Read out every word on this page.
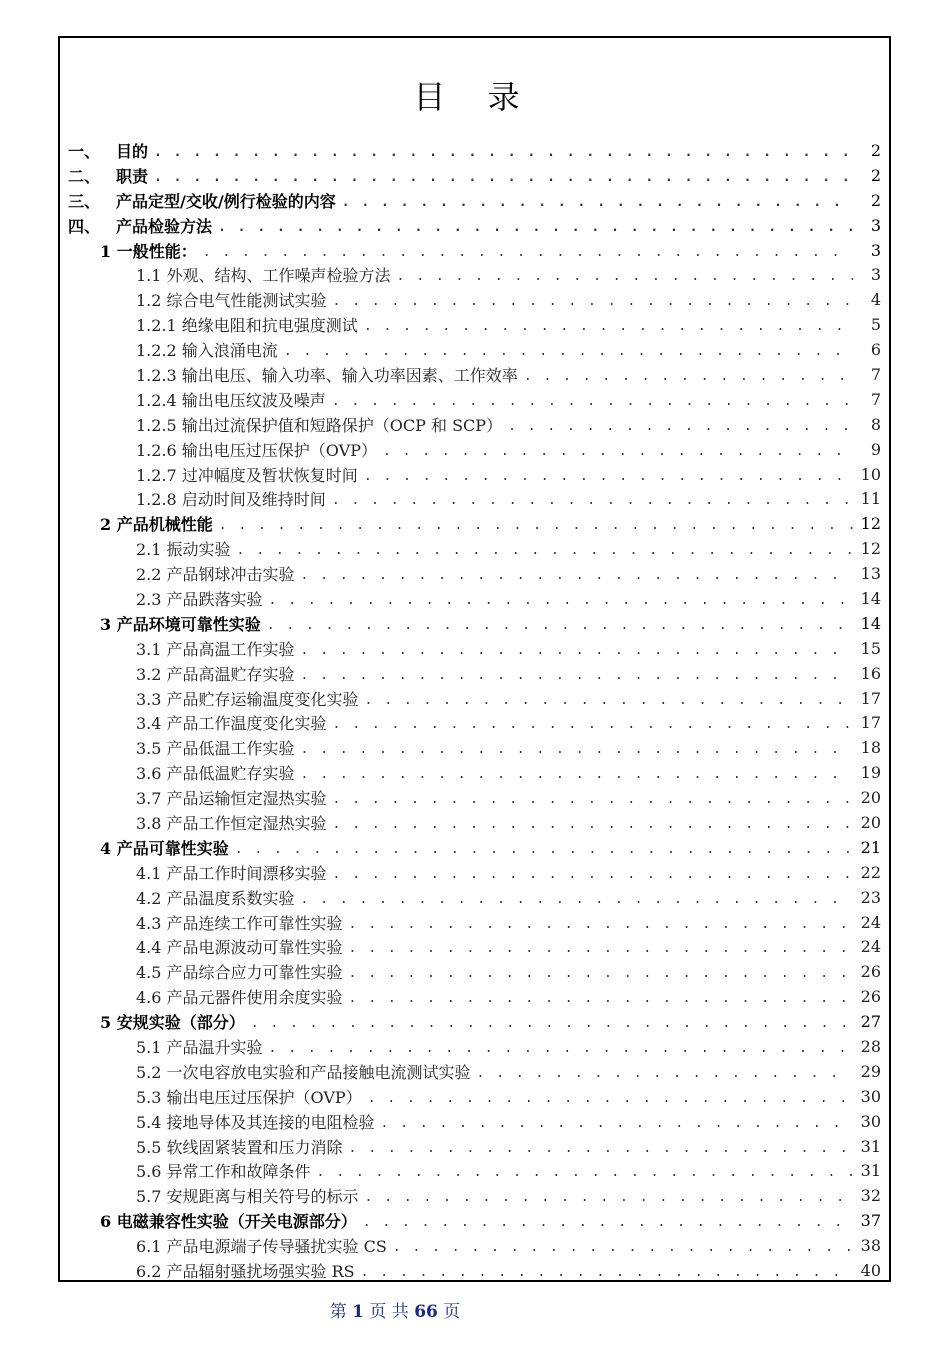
目 录
一、 目的 . . .	2
二、 职责 . . .	2
三、 产品定型/交收/例行检验的内容 . . .	2
四、 产品检验方法 . . .	3
1 一般性能： . . .	3
1.1 外观、结构、工作噪声检验方法 . . .	3
1.2 综合电气性能测试实验 . . .	4
1.2.1 绝缘电阻和抗电强度测试 . . .	5
1.2.2 输入浪涌电流 . . .	6
1.2.3 输出电压、输入功率、输入功率因素、工作效率 . . .	7
1.2.4 输出电压纹波及噪声 . . .	7
1.2.5 输出过流保护值和短路保护（OCP 和 SCP） . . .	8
1.2.6 输出电压过压保护（OVP） . . .	9
1.2.7 过冲幅度及暂状恢复时间 . . .	10
1.2.8 启动时间及维持时间 . . .	11
2 产品机械性能 . . .	12
2.1 振动实验 . . .	12
2.2 产品钢球冲击实验 . . .	13
2.3 产品跌落实验 . . .	14
3 产品环境可靠性实验 . . .	14
3.1 产品高温工作实验 . . .	15
3.2 产品高温贮存实验 . . .	16
3.3 产品贮存运输温度变化实验 . . .	17
3.4 产品工作温度变化实验 . . .	17
3.5 产品低温工作实验 . . .	18
3.6 产品低温贮存实验 . . .	19
3.7 产品运输恒定湿热实验 . . .	20
3.8 产品工作恒定湿热实验 . . .	20
4 产品可靠性实验 . . .	21
4.1 产品工作时间漂移实验 . . .	22
4.2 产品温度系数实验 . . .	23
4.3 产品连续工作可靠性实验 . . .	24
4.4 产品电源波动可靠性实验 . . .	24
4.5 产品综合应力可靠性实验 . . .	26
4.6 产品元器件使用余度实验 . . .	26
5 安规实验（部分） . . .	27
5.1 产品温升实验 . . .	28
5.2 一次电容放电实验和产品接触电流测试实验 . . .	29
5.3 输出电压过压保护（OVP） . . .	30
5.4 接地导体及其连接的电阻检验 . . .	30
5.5 软线固紧装置和压力消除 . . .	31
5.6 异常工作和故障条件 . . .	31
5.7 安规距离与相关符号的标示 . . .	32
6 电磁兼容性实验（开关电源部分） . . .	37
6.1 产品电源端子传导骚扰实验 CS . . .	38
6.2 产品辐射骚扰场强实验 RS . . .	40
第 1 页 共 66 页
